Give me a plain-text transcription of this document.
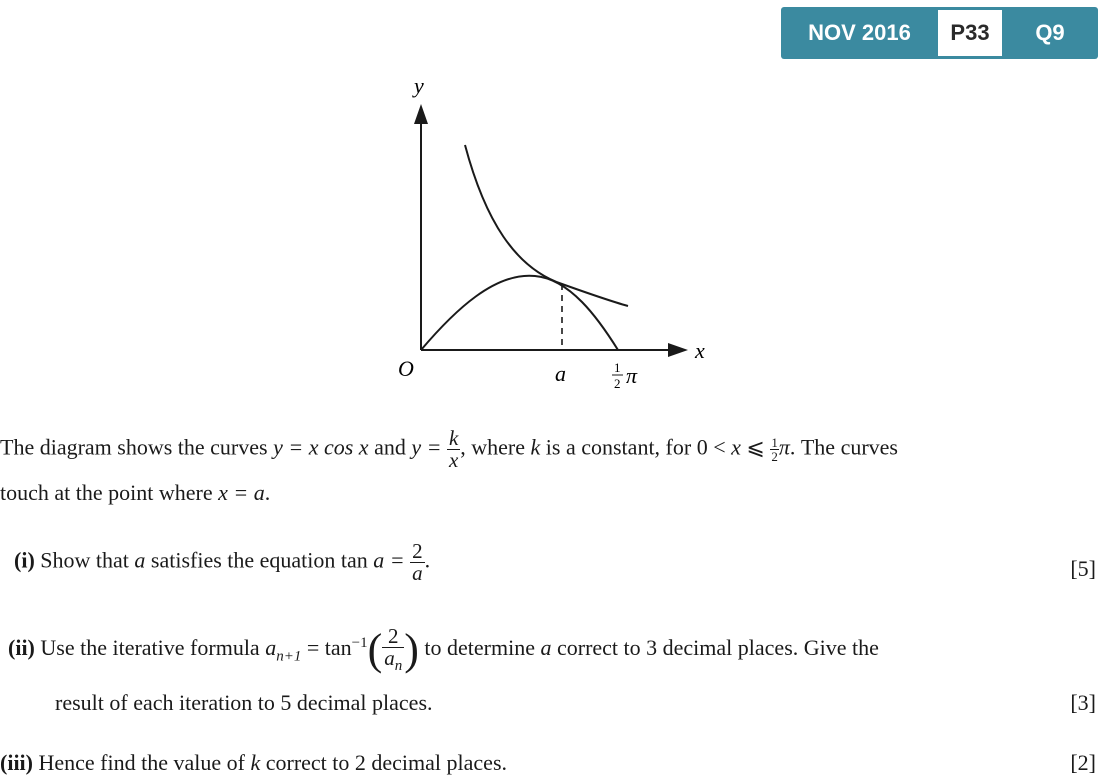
NOV 2016	P33	Q9
y
x
O	a	1
2 π
The diagram shows the curves y = x cos x and $y = \frac{k}{x}$ , where k is a constant, for 0 < x ⩽ $\frac{1}{2} \pi$. The curves
touch at the point where x = a.
(i) Show that a satisfies the equation $\tan a = \frac{2}{a}$ .	[5]
(ii) Use the iterative formula $a_{n+1} = \tan^{-1}( \frac{2}{a_n}$ ) to determine a correct to 3 decimal places. Give the
result of each iteration to 5 decimal places.	[3]
(iii) Hence find the value of k correct to 2 decimal places.	[2]
